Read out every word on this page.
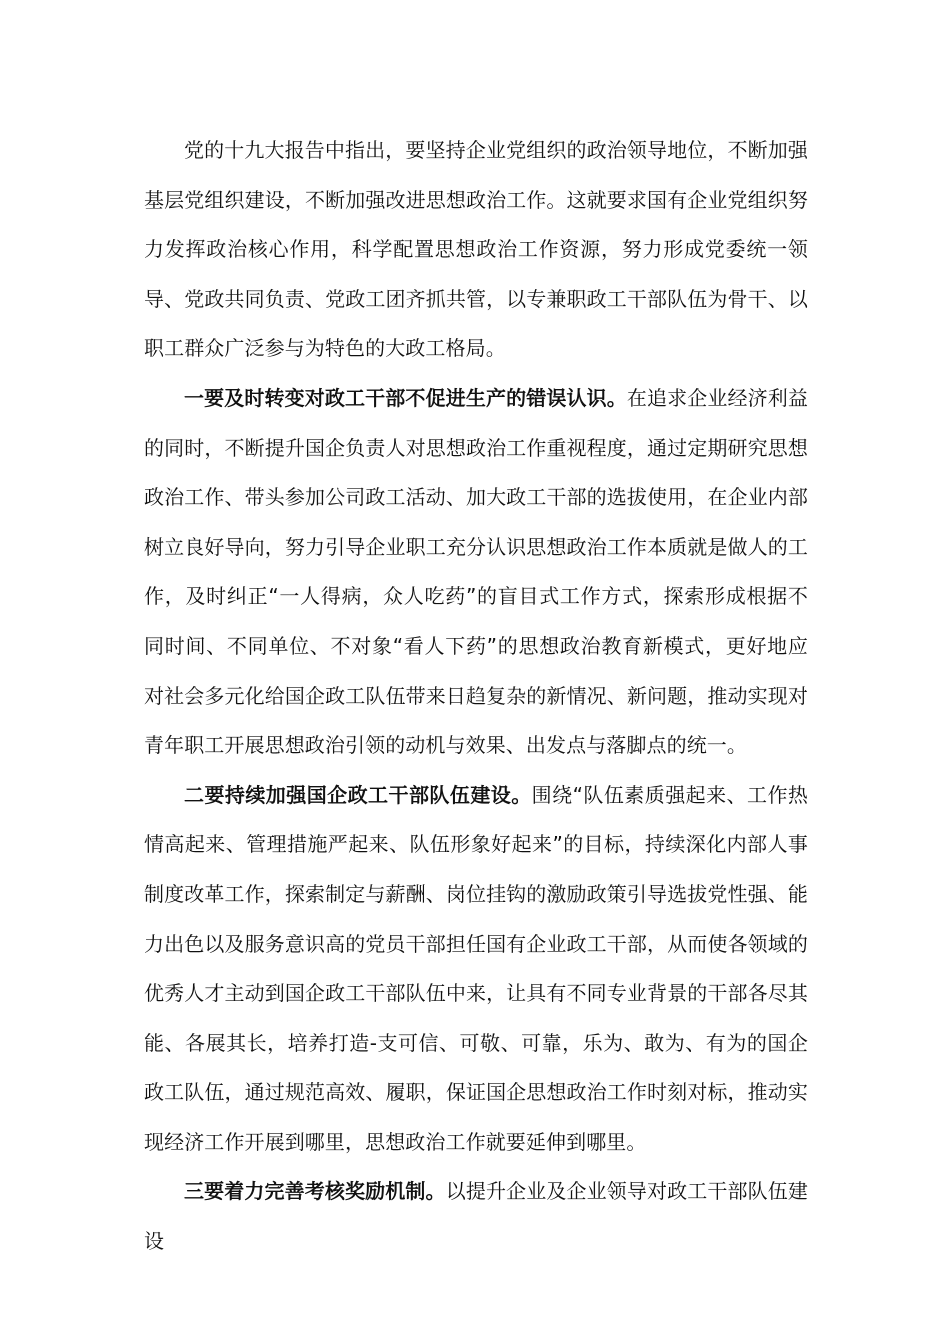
党的十九大报告中指出，要坚持企业党组织的政治领导地位，不断加强基层党组织建设，不断加强改进思想政治工作。这就要求国有企业党组织努力发挥政治核心作用，科学配置思想政治工作资源，努力形成党委统一领导、党政共同负责、党政工团齐抓共管，以专兼职政工干部队伍为骨干、以职工群众广泛参与为特色的大政工格局。

一要及时转变对政工干部不促进生产的错误认识。在追求企业经济利益的同时，不断提升国企负责人对思想政治工作重视程度，通过定期研究思想政治工作、带头参加公司政工活动、加大政工干部的选拔使用，在企业内部树立良好导向，努力引导企业职工充分认识思想政治工作本质就是做人的工作，及时纠正“一人得病，众人吃药”的盲目式工作方式，探索形成根据不同时间、不同单位、不对象“看人下药”的思想政治教育新模式，更好地应对社会多元化给国企政工队伍带来日趋复杂的新情况、新问题，推动实现对青年职工开展思想政治引领的动机与效果、出发点与落脚点的统一。

二要持续加强国企政工干部队伍建设。围绕“队伍素质强起来、工作热情高起来、管理措施严起来、队伍形象好起来”的目标，持续深化内部人事制度改革工作，探索制定与薪酬、岗位挂钩的激励政策引导选拔党性强、能力出色以及服务意识高的党员干部担任国有企业政工干部，从而使各领域的优秀人才主动到国企政工干部队伍中来，让具有不同专业背景的干部各尽其能、各展其长，培养打造-支可信、可敬、可靠，乐为、敢为、有为的国企政工队伍，通过规范高效、履职，保证国企思想政治工作时刻对标，推动实现经济工作开展到哪里，思想政治工作就要延伸到哪里。

三要着力完善考核奖励机制。以提升企业及企业领导对政工干部队伍建设
